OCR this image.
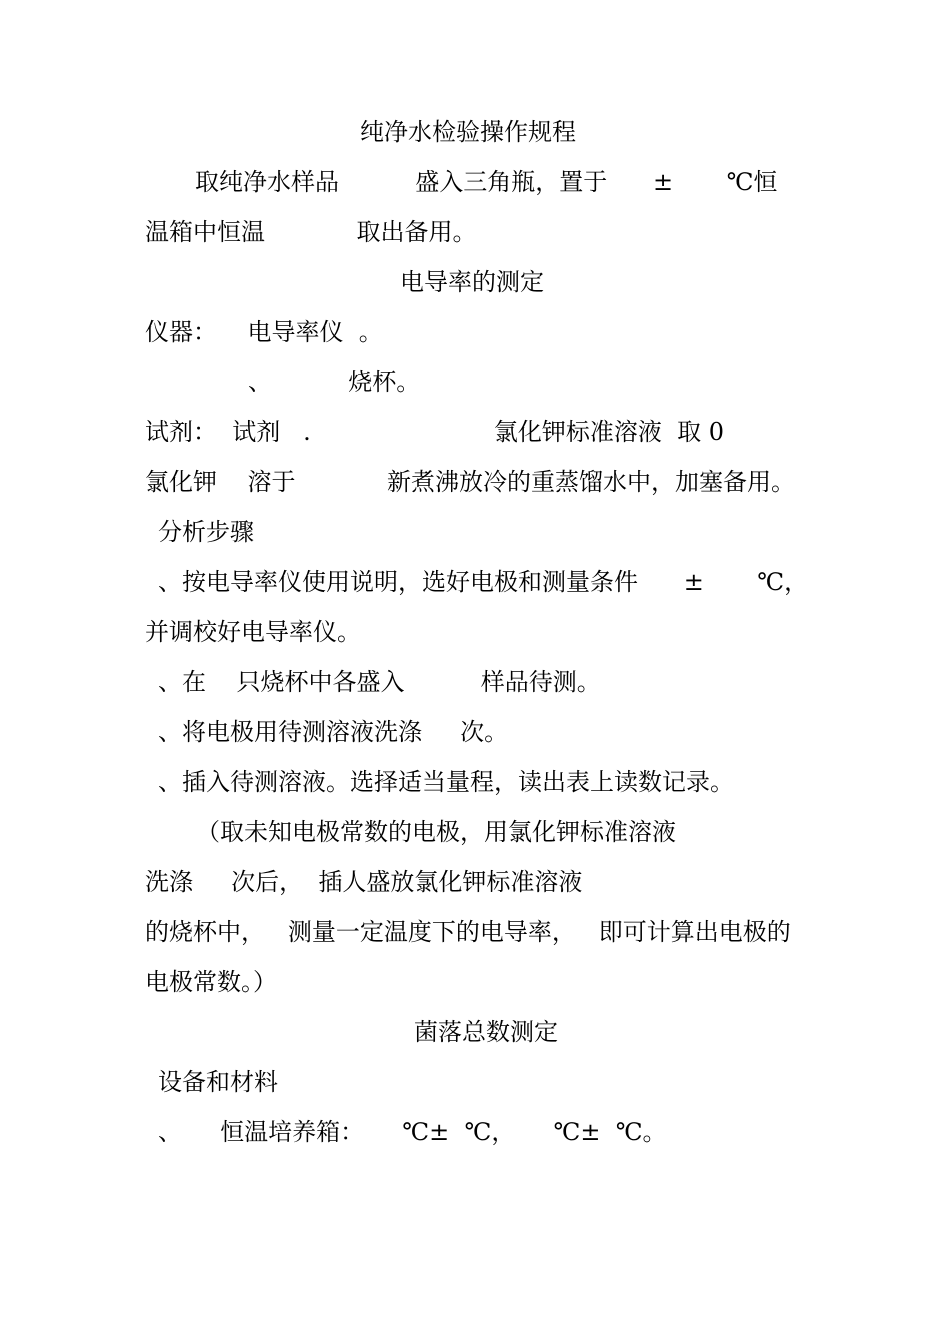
纯净水检验操作规程

取纯净水样品          盛入三角瓶，置于      ±       ℃恒

温箱中恒温            取出备用。

电导率的测定

仪器：    电导率仪  。

、          烧杯。

试剂：  试剂   .                        氯化钾标准溶液  取 0

氯化钾    溶于            新煮沸放冷的重蒸馏水中，加塞备用。

分析步骤

、按电导率仪使用说明，选好电极和测量条件      ±       ℃，

并调校好电导率仪。

、在    只烧杯中各盛入          样品待测。

、将电极用待测溶液洗涤     次。

、插入待测溶液。选择适当量程，读出表上读数记录。

（取未知电极常数的电极，用氯化钾标准溶液

洗涤     次后，  插人盛放氯化钾标准溶液

的烧杯中，   测量一定温度下的电导率，   即可计算出电极的

电极常数。）

菌落总数测定

设备和材料

、     恒温培养箱：     ℃±  ℃，     ℃±  ℃。
